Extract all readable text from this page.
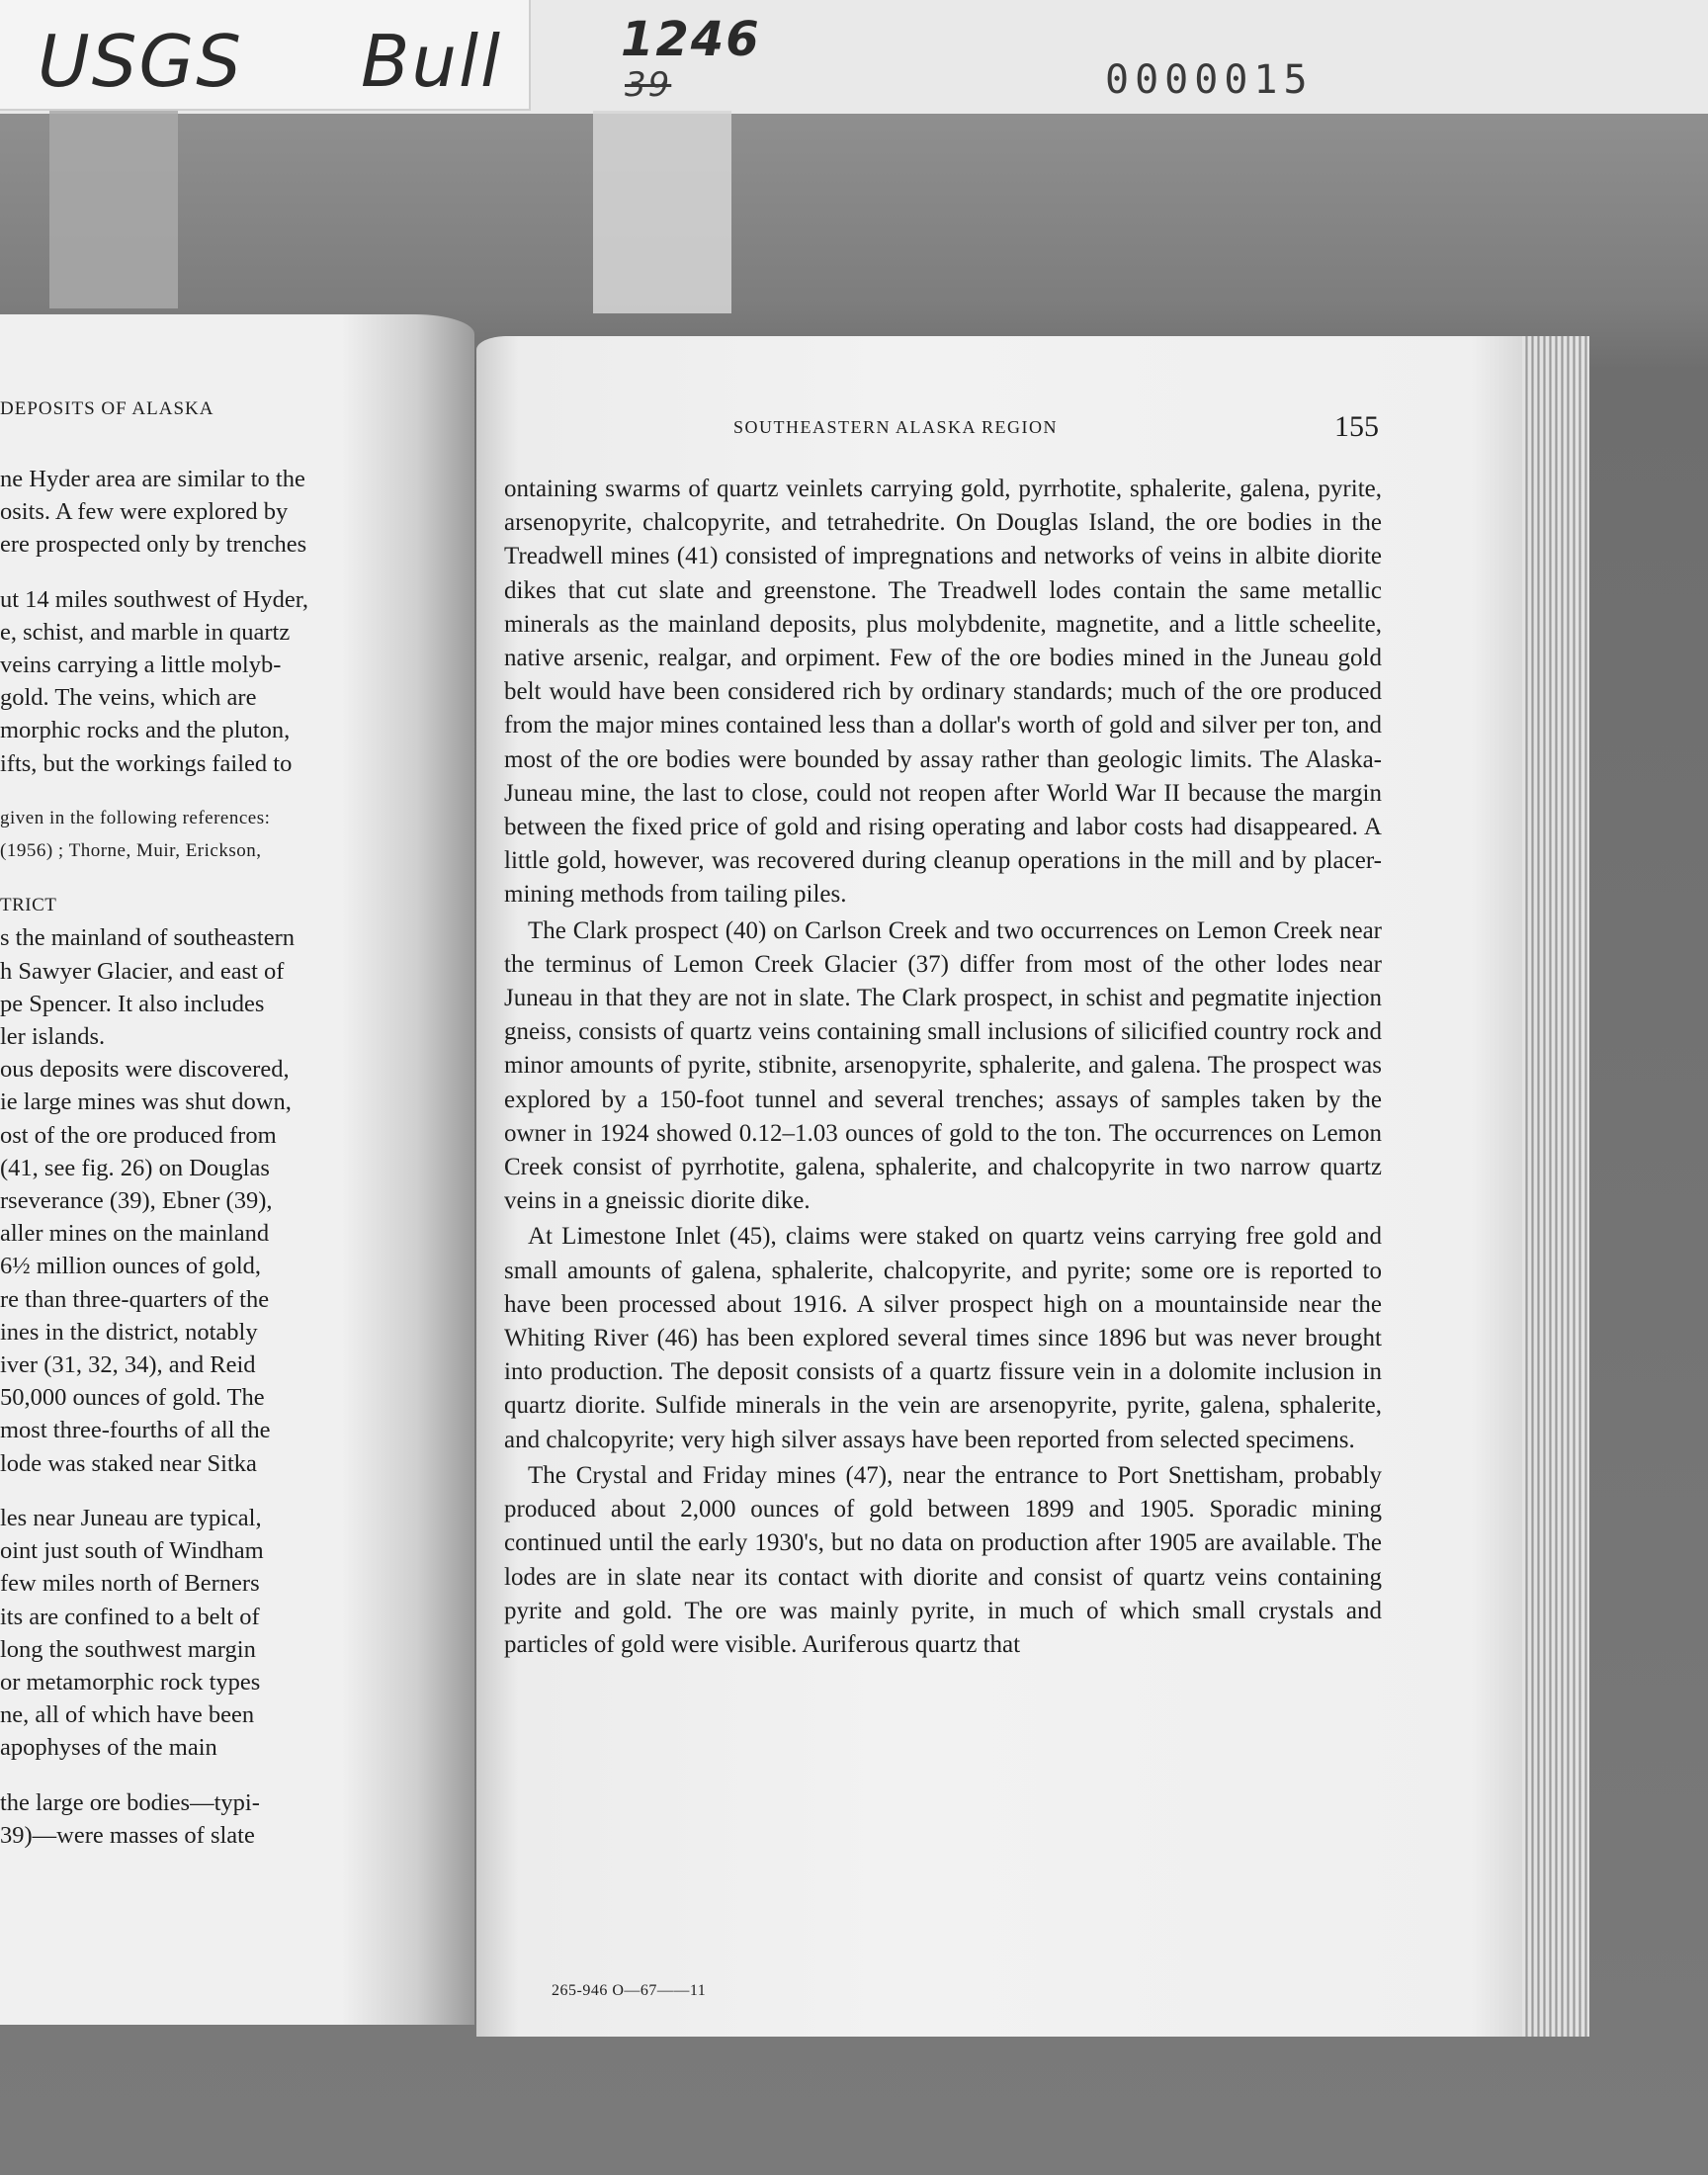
USGS Bull 1246
39	0000015
DEPOSITS OF ALASKA
ne Hyder area are similar to the
osits. A few were explored by
ere prospected only by trenches
ut 14 miles southwest of Hyder,
e, schist, and marble in quartz
veins carrying a little molyb-
gold. The veins, which are
morphic rocks and the pluton,
ifts, but the workings failed to
given in the following references:
(1956) ; Thorne, Muir, Erickson,
TRICT
s the mainland of southeastern
h Sawyer Glacier, and east of
pe Spencer. It also includes
ler islands.
ous deposits were discovered,
ie large mines was shut down,
ost of the ore produced from
(41, see fig. 26) on Douglas
rseverance (39), Ebner (39),
aller mines on the mainland
6½ million ounces of gold,
re than three-quarters of the
ines in the district, notably
iver (31, 32, 34), and Reid
50,000 ounces of gold. The
most three-fourths of all the
lode was staked near Sitka
les near Juneau are typical,
oint just south of Windham
few miles north of Berners
its are confined to a belt of
long the southwest margin
or metamorphic rock types
ne, all of which have been
apophyses of the main
the large ore bodies—typi-
39)—were masses of slate
SOUTHEASTERN ALASKA REGION	155

ontaining swarms of quartz veinlets carrying gold, pyrrhotite, sphalerite, galena, pyrite, arsenopyrite, chalcopyrite, and tetrahedrite. On Douglas Island, the ore bodies in the Treadwell mines (41) consisted of impregnations and networks of veins in albite diorite dikes that cut slate and greenstone. The Treadwell lodes contain the same metallic minerals as the mainland deposits, plus molybdenite, magnetite, and a little scheelite, native arsenic, realgar, and orpiment. Few of the ore bodies mined in the Juneau gold belt would have been considered rich by ordinary standards; much of the ore produced from the major mines contained less than a dollar's worth of gold and silver per ton, and most of the ore bodies were bounded by assay rather than geologic limits. The Alaska-Juneau mine, the last to close, could not reopen after World War II because the margin between the fixed price of gold and rising operating and labor costs had disappeared. A little gold, however, was recovered during cleanup operations in the mill and by placer-mining methods from tailing piles.

The Clark prospect (40) on Carlson Creek and two occurrences on Lemon Creek near the terminus of Lemon Creek Glacier (37) differ from most of the other lodes near Juneau in that they are not in slate. The Clark prospect, in schist and pegmatite injection gneiss, consists of quartz veins containing small inclusions of silicified country rock and minor amounts of pyrite, stibnite, arsenopyrite, sphalerite, and galena. The prospect was explored by a 150-foot tunnel and several trenches; assays of samples taken by the owner in 1924 showed 0.12–1.03 ounces of gold to the ton. The occurrences on Lemon Creek consist of pyrrhotite, galena, sphalerite, and chalcopyrite in two narrow quartz veins in a gneissic diorite dike.

At Limestone Inlet (45), claims were staked on quartz veins carrying free gold and small amounts of galena, sphalerite, chalcopyrite, and pyrite; some ore is reported to have been processed about 1916. A silver prospect high on a mountainside near the Whiting River (46) has been explored several times since 1896 but was never brought into production. The deposit consists of a quartz fissure vein in a dolomite inclusion in quartz diorite. Sulfide minerals in the vein are arsenopyrite, pyrite, galena, sphalerite, and chalcopyrite; very high silver assays have been reported from selected specimens.

The Crystal and Friday mines (47), near the entrance to Port Snettisham, probably produced about 2,000 ounces of gold between 1899 and 1905. Sporadic mining continued until the early 1930's, but no data on production after 1905 are available. The lodes are in slate near its contact with diorite and consist of quartz veins containing pyrite and gold. The ore was mainly pyrite, in much of which small crystals and particles of gold were visible. Auriferous quartz that

265-946 O—67——11
